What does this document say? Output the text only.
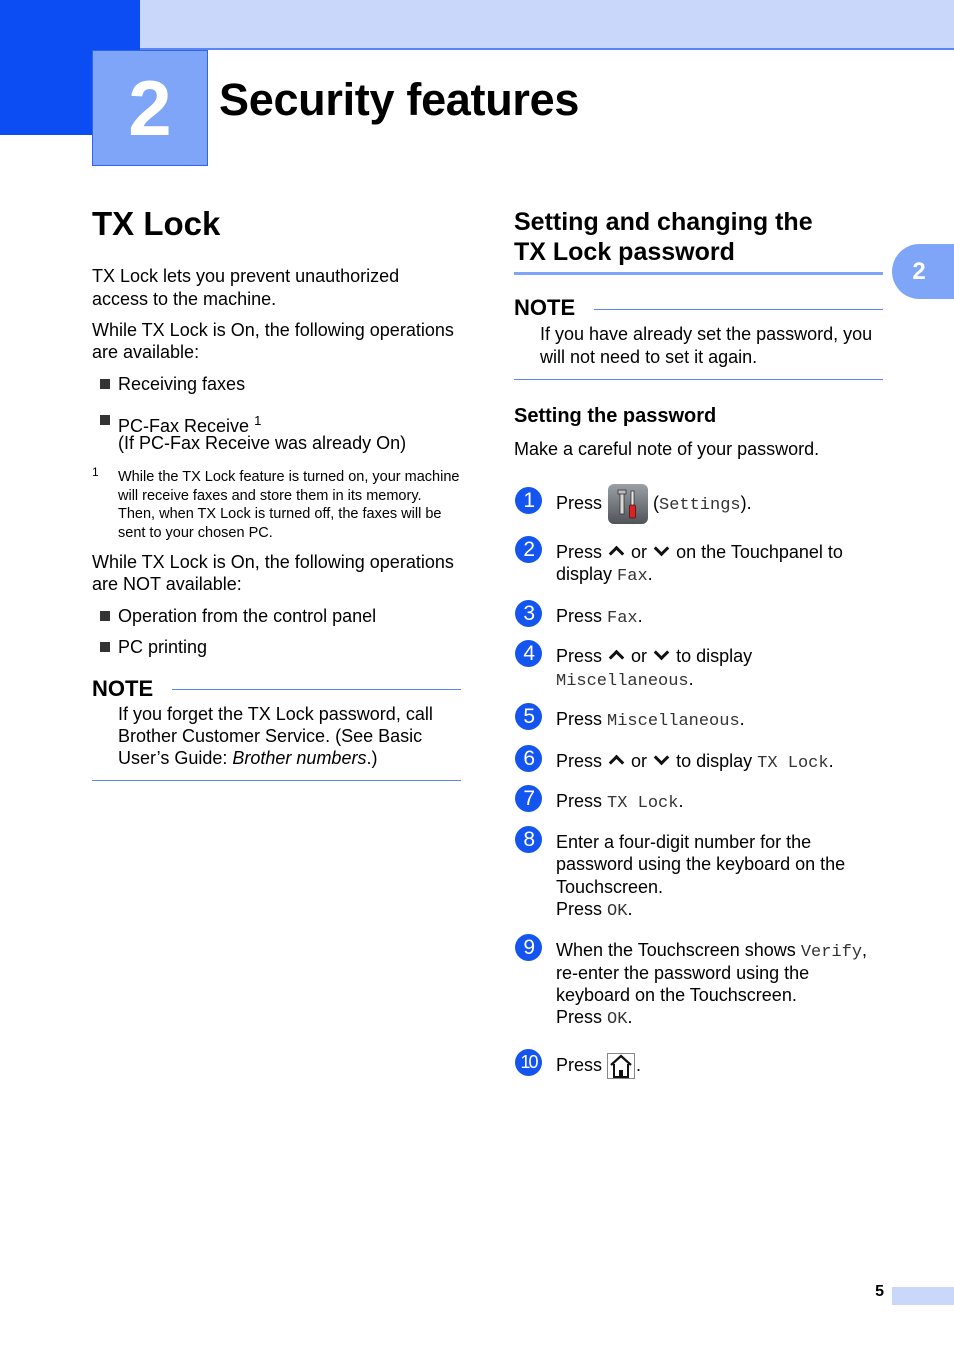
2 Security features
2
TX Lock
TX Lock lets you prevent unauthorized
access to the machine.
While TX Lock is On, the following operations
are available:
Receiving faxes
PC-Fax Receive $^1$
(If PC-Fax Receive was already On)
1 While the TX Lock feature is turned on, your machine
will receive faxes and store them in its memory.
Then, when TX Lock is turned off, the faxes will be
sent to your chosen PC.
While TX Lock is On, the following operations
are NOT available:
Operation from the control panel
PC printing
NOTE
If you forget the TX Lock password, call
Brother Customer Service. (See Basic
User’s Guide: Brother numbers.)
Setting and changing the
TX Lock password
NOTE
If you have already set the password, you
will not need to set it again.
Setting the password
Make a careful note of your password.
1	Press	(Settings).
2	Press or on the Touchpanel to
display Fax.
3	Press Fax.
4	Press or to display
Miscellaneous.
5	Press Miscellaneous.
6	Press or to display TX Lock.
7	Press TX Lock.
8	Enter a four-digit number for the
password using the keyboard on the
Touchscreen.
Press OK.
9	When the Touchscreen shows Verify,
re-enter the password using the
keyboard on the Touchscreen.
Press OK.
10	Press .
5
